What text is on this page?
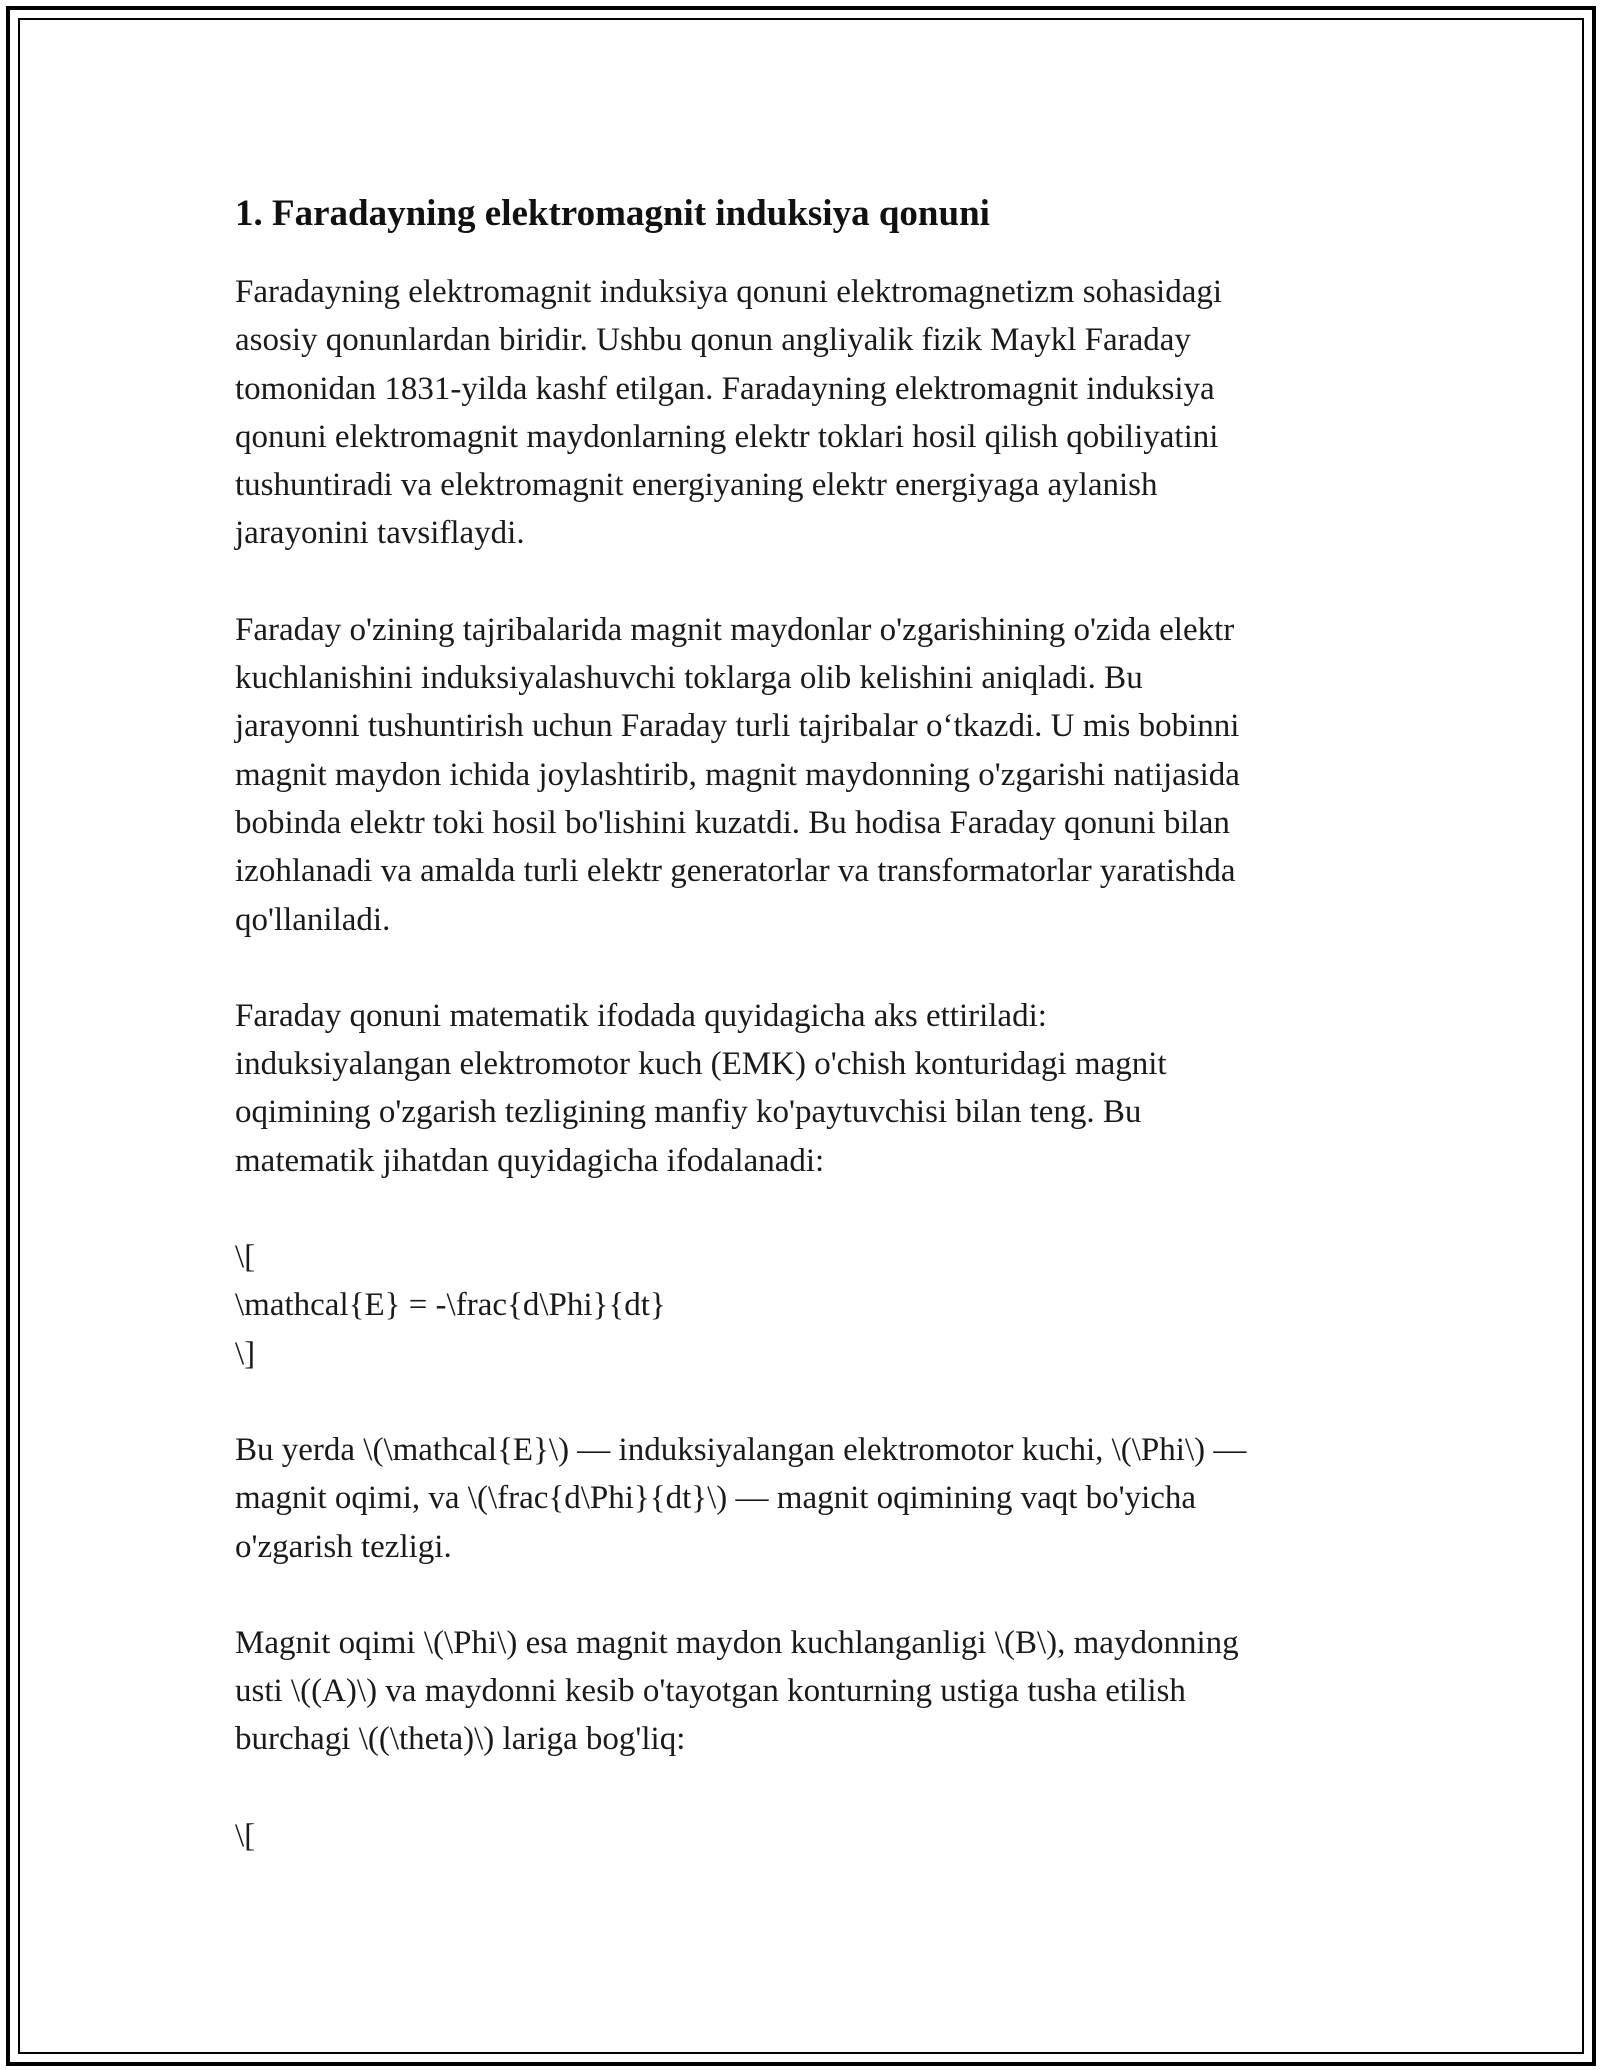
1. Faradayning elektromagnit induksiya qonuni

Faradayning elektromagnit induksiya qonuni elektromagnetizm sohasidagi
asosiy qonunlardan biridir. Ushbu qonun angliyalik fizik Maykl Faraday
tomonidan 1831-yilda kashf etilgan. Faradayning elektromagnit induksiya
qonuni elektromagnit maydonlarning elektr toklari hosil qilish qobiliyatini
tushuntiradi va elektromagnit energiyaning elektr energiyaga aylanish
jarayonini tavsiflaydi.

Faraday o'zining tajribalarida magnit maydonlar o'zgarishining o'zida elektr
kuchlanishini induksiyalashuvchi toklarga olib kelishini aniqladi. Bu
jarayonni tushuntirish uchun Faraday turli tajribalar o‘tkazdi. U mis bobinni
magnit maydon ichida joylashtirib, magnit maydonning o'zgarishi natijasida
bobinda elektr toki hosil bo'lishini kuzatdi. Bu hodisa Faraday qonuni bilan
izohlanadi va amalda turli elektr generatorlar va transformatorlar yaratishda
qo'llaniladi.

Faraday qonuni matematik ifodada quyidagicha aks ettiriladi:
induksiyalangan elektromotor kuch (EMK) o'chish konturidagi magnit
oqimining o'zgarish tezligining manfiy ko'paytuvchisi bilan teng. Bu
matematik jihatdan quyidagicha ifodalanadi:

\[
\mathcal{E} = -\frac{d\Phi}{dt}
\]

Bu yerda \(\mathcal{E}\) — induksiyalangan elektromotor kuchi, \(\Phi\) —
magnit oqimi, va \(\frac{d\Phi}{dt}\) — magnit oqimining vaqt bo'yicha
o'zgarish tezligi.

Magnit oqimi \(\Phi\) esa magnit maydon kuchlanganligi \(B\), maydonning
usti \((A)\) va maydonni kesib o'tayotgan konturning ustiga tusha etilish
burchagi \((\theta)\) lariga bog'liq:

\[
